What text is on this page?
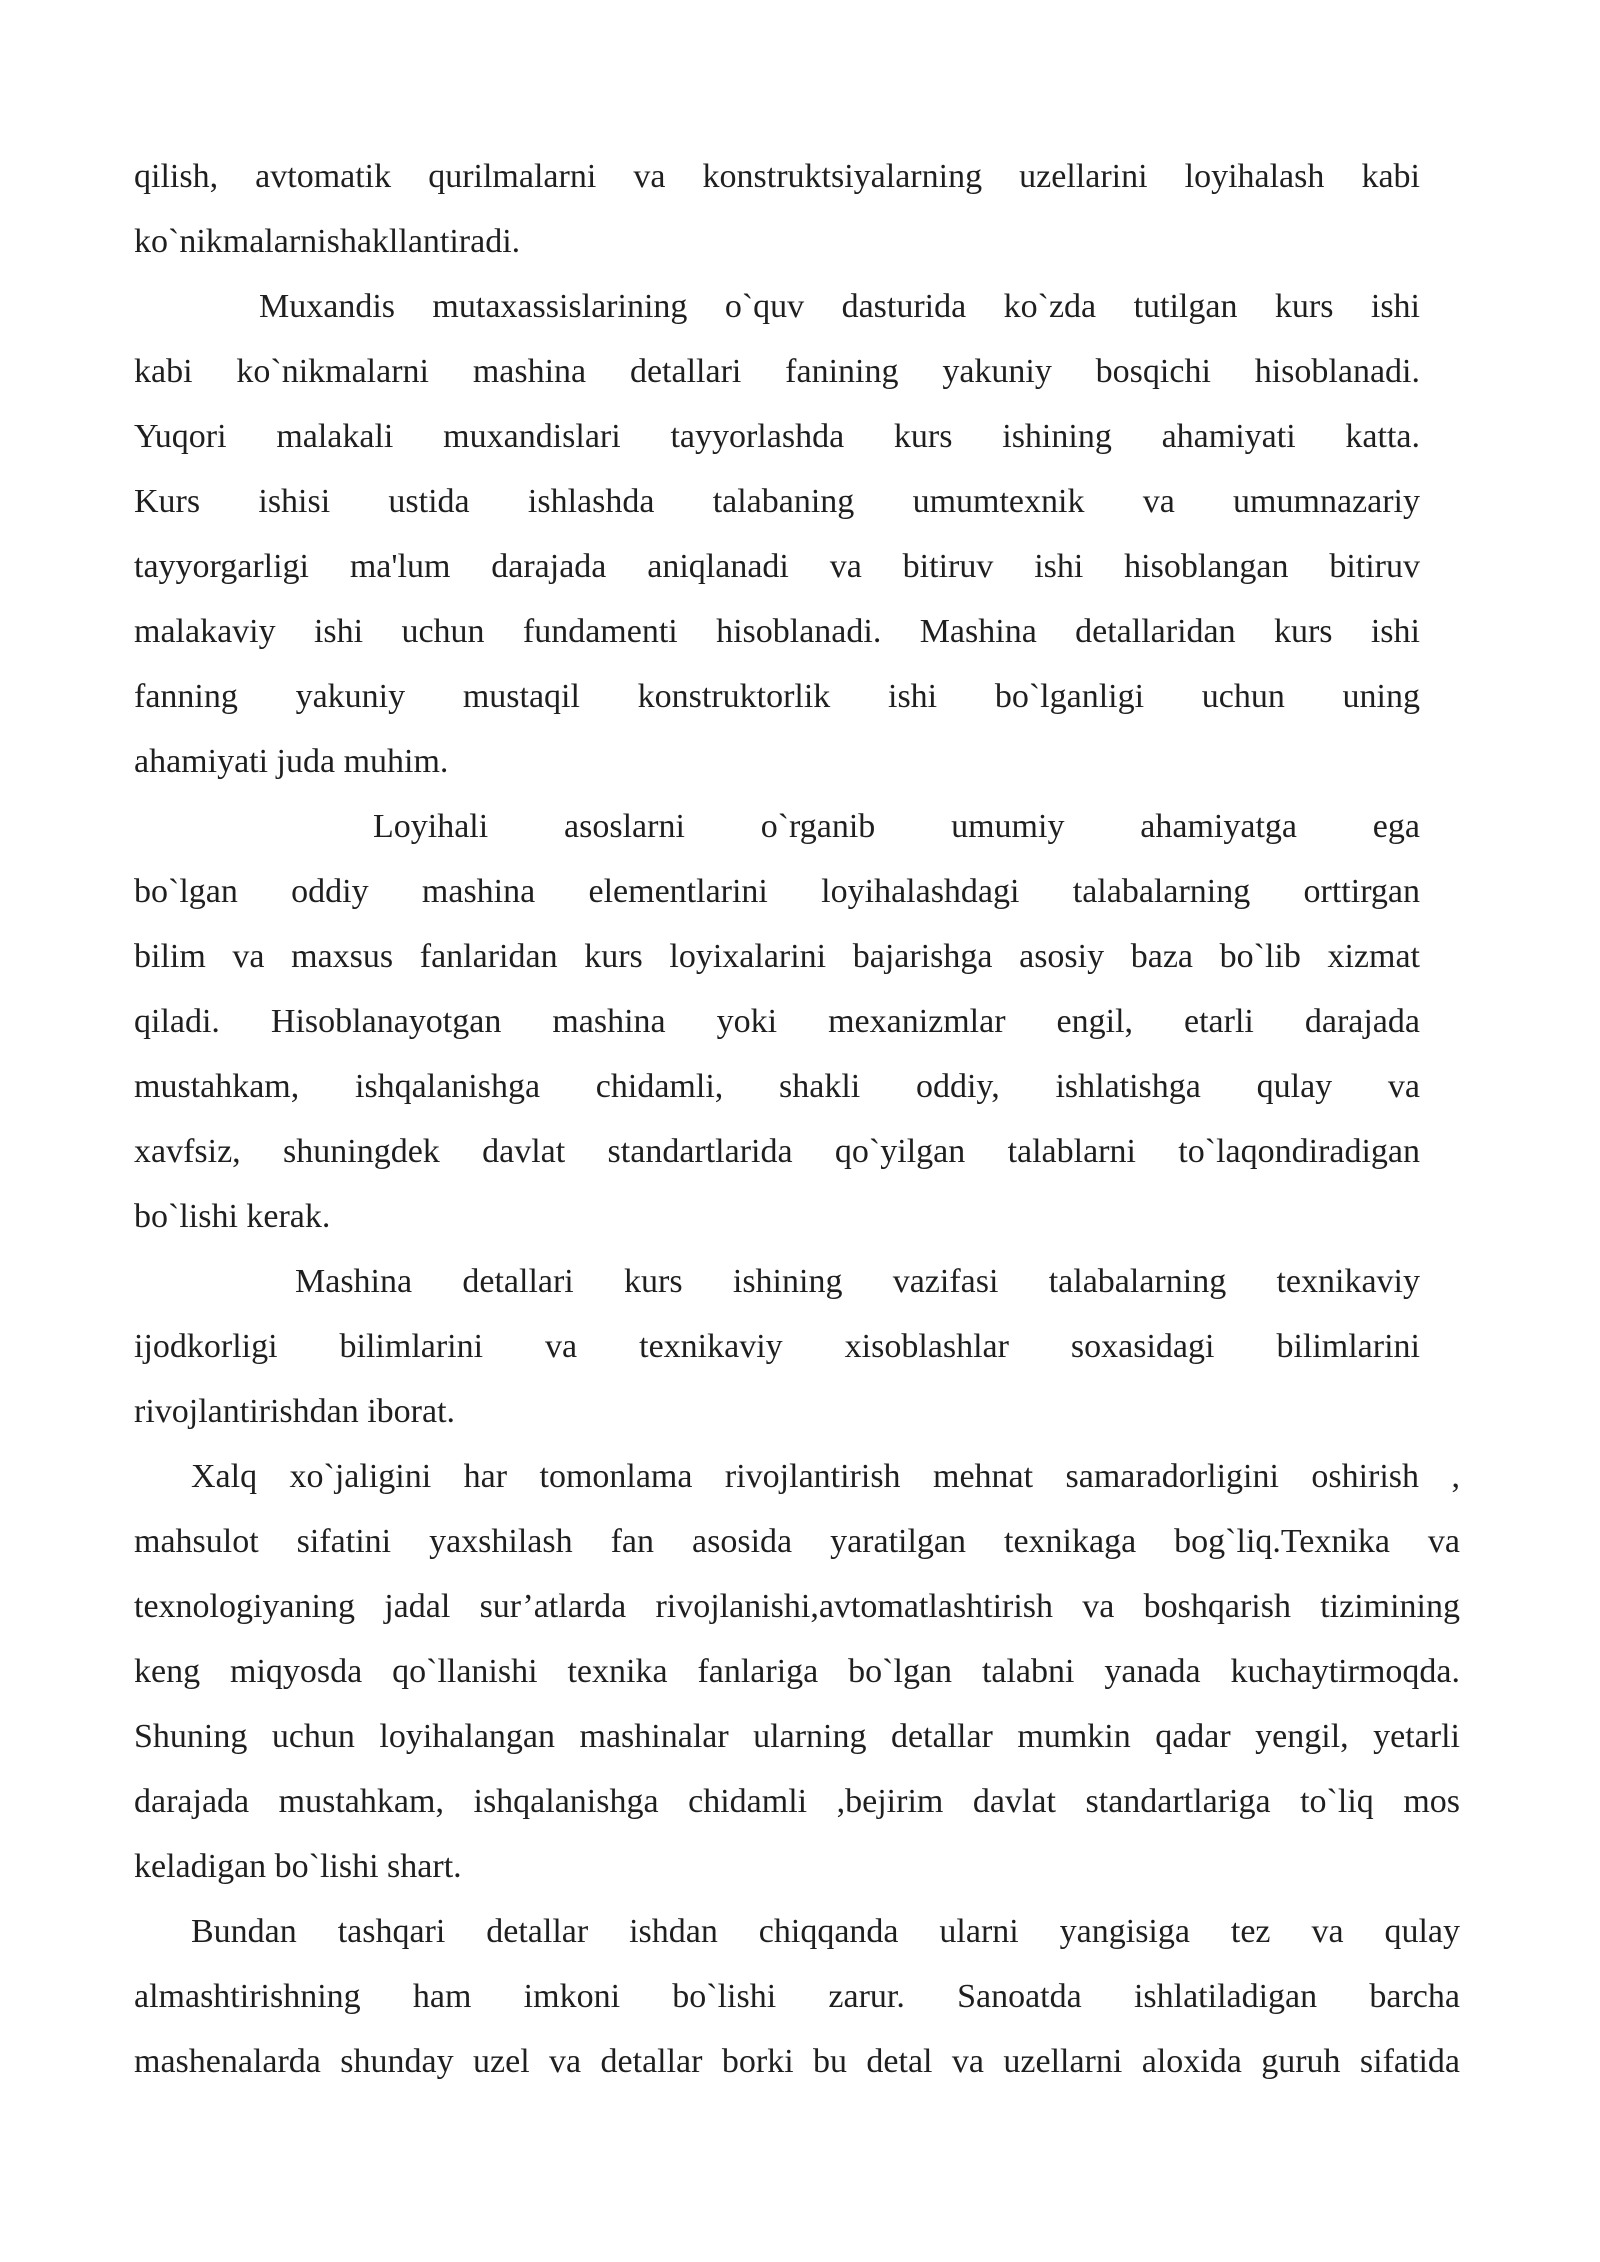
qilish, avtomatik qurilmalarni va konstruktsiyalarning uzellarini loyihalash kabi
ko`nikmalarnishakllantiradi.
Muxandis mutaxassislarining o`quv dasturida ko`zda tutilgan kurs ishi
kabi ko`nikmalarni mashina detallari fanining yakuniy bosqichi hisoblanadi.
Yuqori malakali muxandislari tayyorlashda kurs ishining ahamiyati katta.
Kurs ishisi ustida ishlashda talabaning umumtexnik va umumnazariy
tayyorgarligi ma'lum darajada aniqlanadi va bitiruv ishi hisoblangan bitiruv
malakaviy ishi uchun fundamenti hisoblanadi. Mashina detallaridan kurs ishi
fanning yakuniy mustaqil konstruktorlik ishi bo`lganligi uchun uning
ahamiyati juda muhim.
Loyihali asoslarni o`rganib umumiy ahamiyatga ega
bo`lgan oddiy mashina elementlarini loyihalashdagi talabalarning orttirgan
bilim va maxsus fanlaridan kurs loyixalarini bajarishga asosiy baza bo`lib xizmat
qiladi. Hisoblanayotgan mashina yoki mexanizmlar engil, etarli darajada
mustahkam, ishqalanishga chidamli, shakli oddiy, ishlatishga qulay va
xavfsiz, shuningdek davlat standartlarida qo`yilgan talablarni to`laqondiradigan
bo`lishi kerak.
Mashina detallari kurs ishining vazifasi talabalarning texnikaviy
ijodkorligi bilimlarini va texnikaviy xisoblashlar soxasidagi bilimlarini
rivojlantirishdan iborat.
Xalq xo`jaligini har tomonlama rivojlantirish mehnat samaradorligini oshirish ,
mahsulot sifatini yaxshilash fan asosida yaratilgan texnikaga bog`liq.Texnika va
texnologiyaning jadal sur’atlarda rivojlanishi,avtomatlashtirish va boshqarish tizimining
keng miqyosda qo`llanishi texnika fanlariga bo`lgan talabni yanada kuchaytirmoqda.
Shuning uchun loyihalangan mashinalar ularning detallar mumkin qadar yengil, yetarli
darajada mustahkam, ishqalanishga chidamli ,bejirim davlat standartlariga to`liq mos
keladigan bo`lishi shart.
Bundan tashqari detallar ishdan chiqqanda ularni yangisiga tez va qulay
almashtirishning ham imkoni bo`lishi zarur. Sanoatda ishlatiladigan barcha
mashenalarda shunday uzel va detallar borki bu detal va uzellarni aloxida guruh sifatida
